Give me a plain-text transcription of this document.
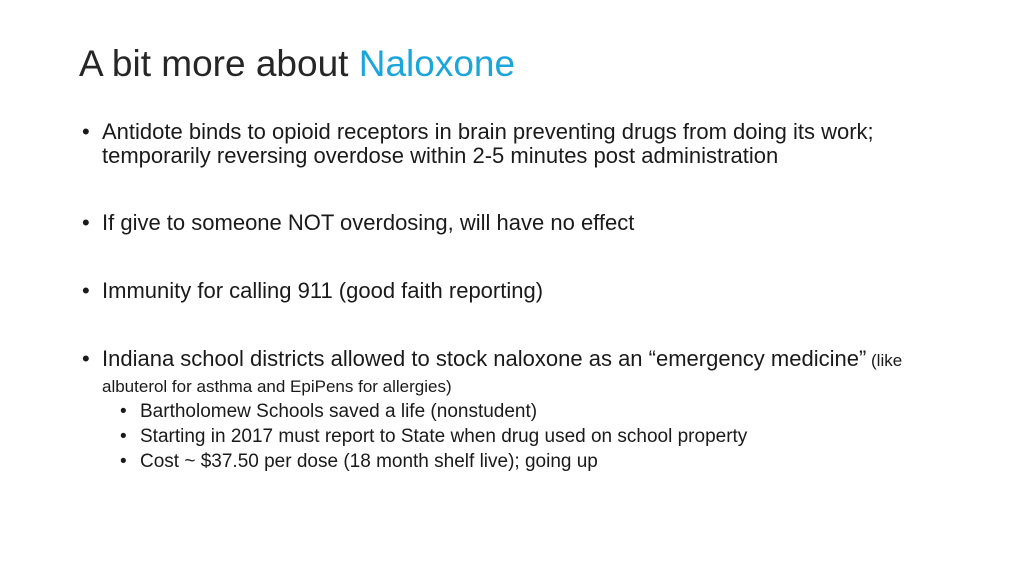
A bit more about Naloxone
• Antidote binds to opioid receptors in brain preventing drugs from doing its work; temporarily reversing overdose within 2-5 minutes post administration
• If give to someone NOT overdosing, will have no effect
• Immunity for calling 911 (good faith reporting)
• Indiana school districts allowed to stock naloxone as an “emergency medicine” (like albuterol for asthma and EpiPens for allergies)
• Bartholomew Schools saved a life (nonstudent)
• Starting in 2017 must report to State when drug used on school property
• Cost ~ $37.50 per dose (18 month shelf live); going up
